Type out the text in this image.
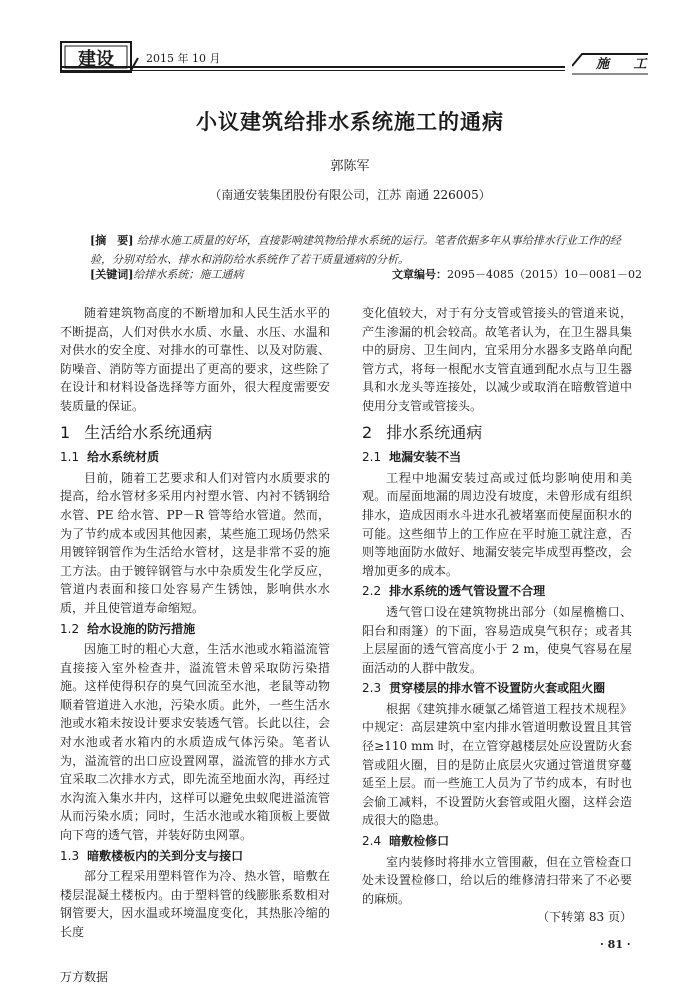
建设	2015 年 10 月	施 工
小议建筑给排水系统施工的通病
郭陈军
（南通安装集团股份有限公司，江苏 南通 226005）
[摘　要] 给排水施工质量的好坏，直接影响建筑物给排水系统的运行。笔者依据多年从事给排水行业工作的经验，分别对给水、排水和消防给水系统作了若干质量通病的分析。
[关键词]给排水系统；施工通病	文章编号：2095－4085（2015）10－0081－02

随着建筑物高度的不断增加和人民生活水平的不断提高，人们对供水水质、水量、水压、水温和对供水的安全度、对排水的可靠性、以及对防震、防噪音、消防等方面提出了更高的要求，这些除了在设计和材料设备选择等方面外，很大程度需要安装质量的保证。

1 生活给水系统通病
1.1 给水系统材质

目前，随着工艺要求和人们对管内水质要求的提高，给水管材多采用内衬塑水管、内衬不锈钢给水管、PE 给水管、PP－R 管等给水管道。然而，为了节约成本或因其他因素，某些施工现场仍然采用镀锌钢管作为生活给水管材，这是非常不妥的施工方法。由于镀锌钢管与水中杂质发生化学反应，管道内表面和接口处容易产生锈蚀，影响供水水质，并且使管道寿命缩短。

1.2 给水设施的防污措施

因施工时的粗心大意，生活水池或水箱溢流管直接接入室外检查井，溢流管未曾采取防污染措施。这样使得积存的臭气回流至水池，老鼠等动物顺着管道进入水池，污染水质。此外，一些生活水池或水箱未按设计要求安装透气管。长此以往，会对水池或者水箱内的水质造成气体污染。笔者认为，溢流管的出口应设置网罩，溢流管的排水方式宜采取二次排水方式，即先流至地面水沟，再经过水沟流入集水井内，这样可以避免虫蚁爬进溢流管从而污染水质；同时，生活水池或水箱顶板上要做向下弯的透气管，并装好防虫网罩。

1.3 暗敷楼板内的关到分支与接口

部分工程采用塑料管作为冷、热水管，暗敷在楼层混凝土楼板内。由于塑料管的线膨胀系数相对钢管要大，因水温或环境温度变化，其热胀冷缩的长度

变化值较大，对于有分支管或管接头的管道来说，产生渗漏的机会较高。故笔者认为，在卫生器具集中的厨房、卫生间内，宜采用分水器多支路单向配管方式，将每一根配水支管直通到配水点与卫生器具和水龙头等连接处，以减少或取消在暗敷管道中使用分支管或管接头。

2 排水系统通病
2.1 地漏安装不当

工程中地漏安装过高或过低均影响使用和美观。而屋面地漏的周边没有坡度，未曾形成有组织排水，造成因雨水斗进水孔被堵塞而使屋面积水的可能。这些细节上的工作应在平时施工就注意，否则等地面防水做好、地漏安装完毕成型再整改，会增加更多的成本。

2.2 排水系统的透气管设置不合理

透气管口设在建筑物挑出部分（如屋檐檐口、阳台和雨篷）的下面，容易造成臭气积存；或者其上层屋面的透气管高度小于 2 m，使臭气容易在屋面活动的人群中散发。

2.3 贯穿楼层的排水管不设置防火套或阻火圈

根据《建筑排水硬氯乙烯管道工程技术规程》中规定：高层建筑中室内排水管道明敷设置且其管径≥110 mm 时，在立管穿越楼层处应设置防火套管或阻火圈，目的是防止底层火灾通过管道贯穿蔓延至上层。而一些施工人员为了节约成本，有时也会偷工减料，不设置防火套管或阻火圈，这样会造成很大的隐患。

2.4 暗敷检修口

室内装修时将排水立管围蔽，但在立管检查口处未设置检修口，给以后的维修清扫带来了不必要的麻烦。

（下转第 83 页）
· 81 ·
万方数据
